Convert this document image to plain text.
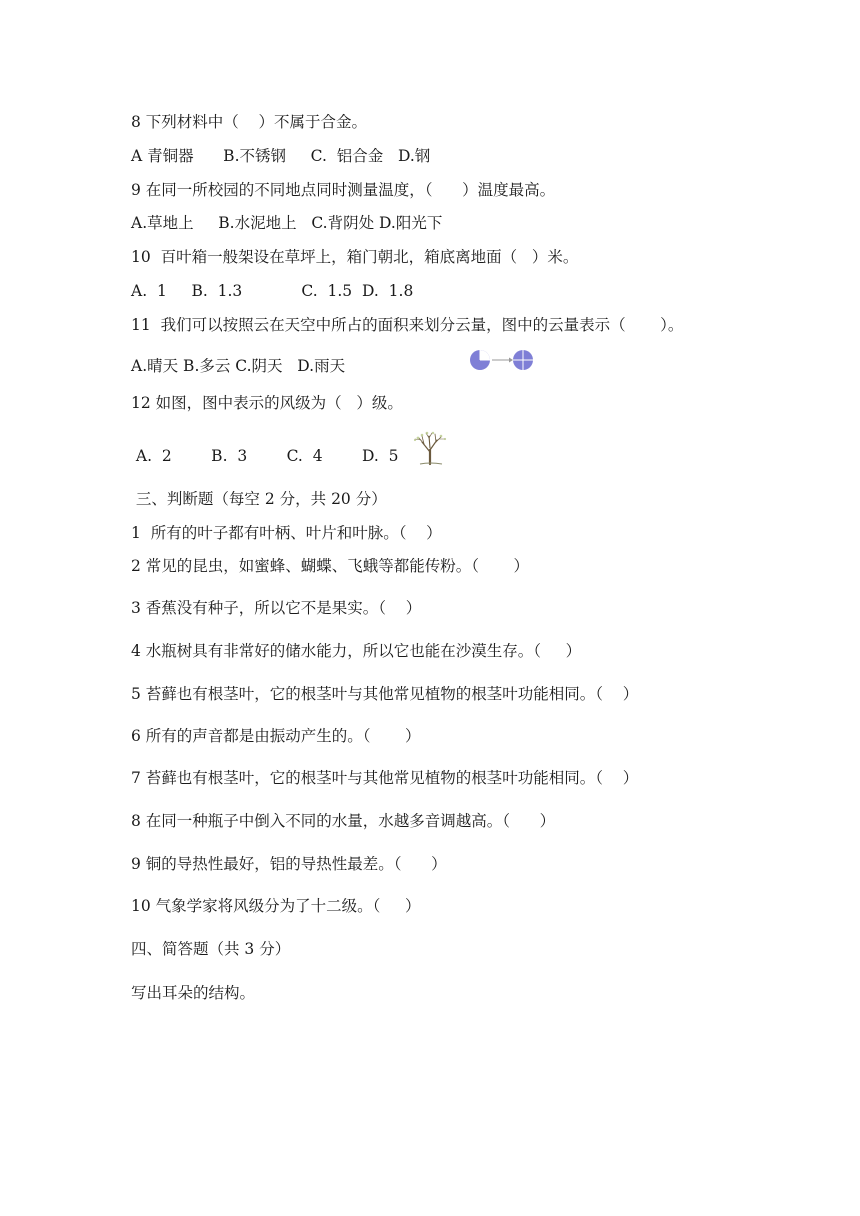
8 下列材料中（    ）不属于合金。
A 青铜器      B.不锈钢     C.  铝合金   D.钢
9 在同一所校园的不同地点同时测量温度，（      ）温度最高。
A.草地上     B.水泥地上   C.背阴处 D.阳光下
10  百叶箱一般架设在草坪上，箱门朝北，箱底离地面（   ）米。
A.  1     B.  1.3            C.  1.5  D.  1.8
11  我们可以按照云在天空中所占的面积来划分云量，图中的云量表示（       ）。
A.晴天 B.多云 C.阴天   D.雨天
12 如图，图中表示的风级为（   ）级。
A.  2        B.  3        C.  4        D.  5
三、判断题（每空 2 分，共 20 分）
1  所有的叶子都有叶柄、叶片和叶脉。（    ）
2 常见的昆虫，如蜜蜂、蝴蝶、飞蛾等都能传粉。（       ）
3 香蕉没有种子，所以它不是果实。（    ）
4 水瓶树具有非常好的储水能力，所以它也能在沙漠生存。（     ）
5 苔藓也有根茎叶，它的根茎叶与其他常见植物的根茎叶功能相同。（    ）
6 所有的声音都是由振动产生的。（       ）
7 苔藓也有根茎叶，它的根茎叶与其他常见植物的根茎叶功能相同。（    ）
8 在同一种瓶子中倒入不同的水量，水越多音调越高。（      ）
9 铜的导热性最好，铝的导热性最差。（      ）
10 气象学家将风级分为了十二级。（     ）
四、简答题（共 3 分）
写出耳朵的结构。
